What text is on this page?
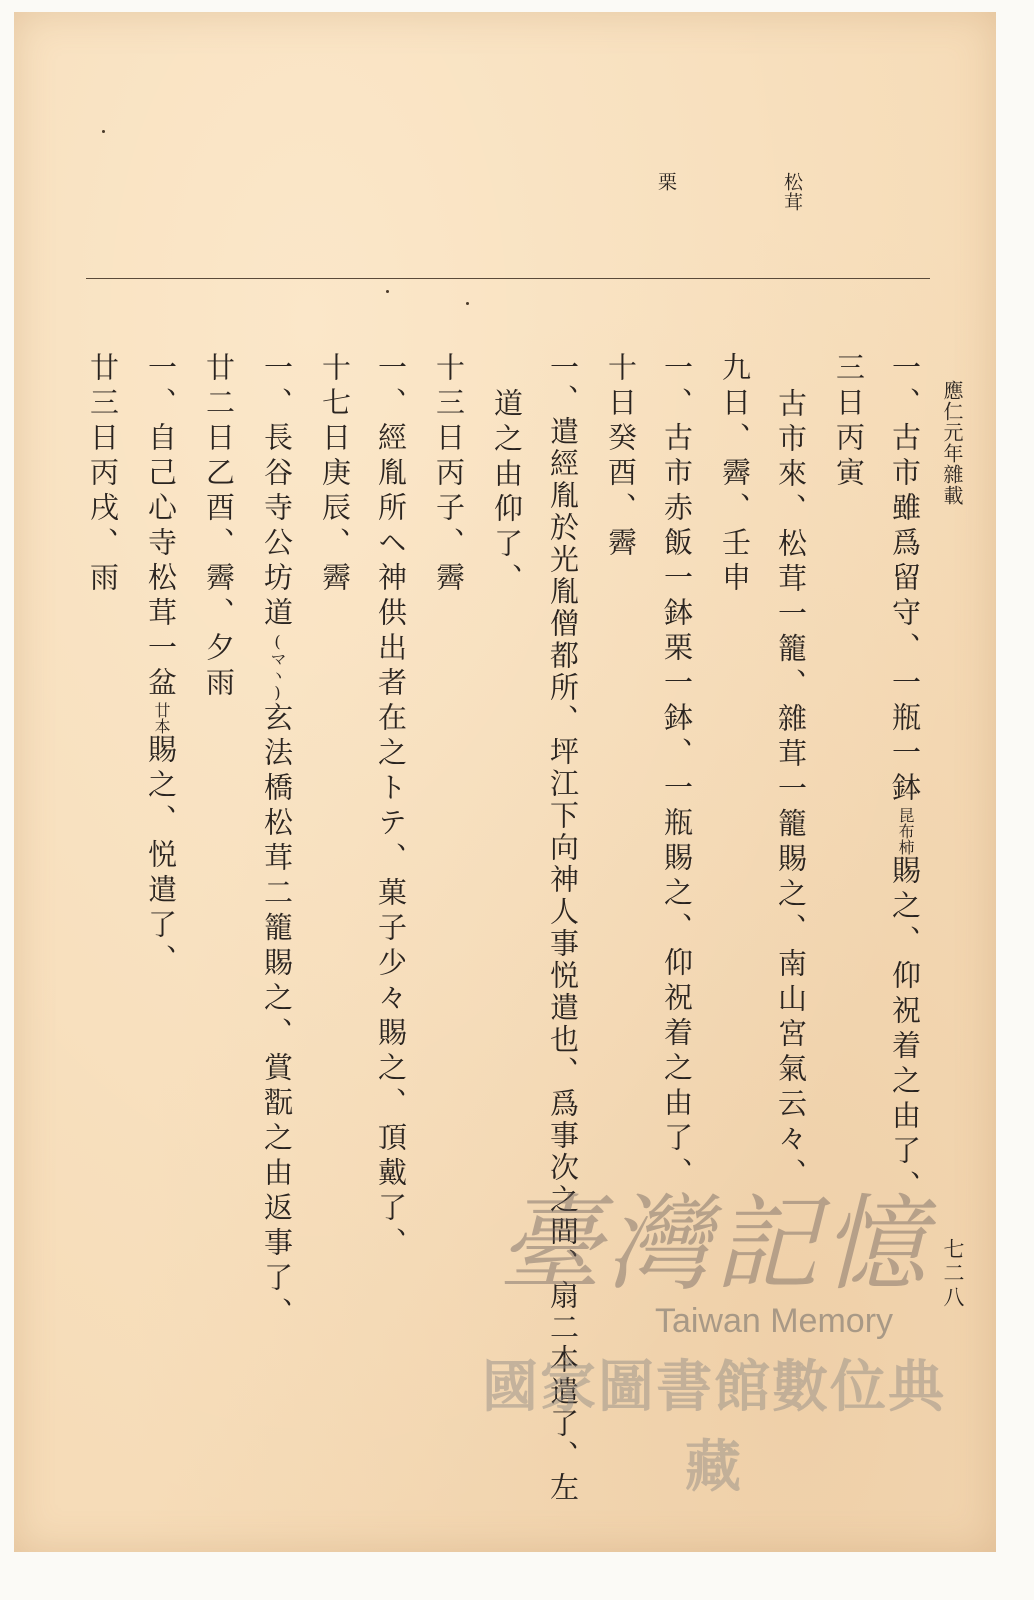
松茸
栗
應仁元年雜載
七二八
一、古市雖爲留守、一瓶一鉢昆布柿賜之、仰祝着之由了、
三日丙寅
古市來、松茸一籠、雜茸一籠賜之、南山宮氣云々、
九日、霽、壬申
一、古市赤飯一鉢栗一鉢、一瓶賜之、仰祝着之由了、
十日癸酉、霽
一、遣經胤於光胤僧都所、坪江下向神人事悦遣也、爲事次之間、扇二本遣了、左
道之由仰了、
十三日丙子、霽
一、經胤所ヘ神供出者在之トテ、菓子少々賜之、頂戴了、
十七日庚辰、霽
一、長谷寺公坊道(マヽ)玄法橋松茸二籠賜之、賞翫之由返事了、
廿二日乙酉、霽、夕雨
一、自己心寺松茸一盆廿本賜之、悦遣了、
廿三日丙戌、雨
臺灣記憶
Taiwan Memory
國家圖書館數位典藏
